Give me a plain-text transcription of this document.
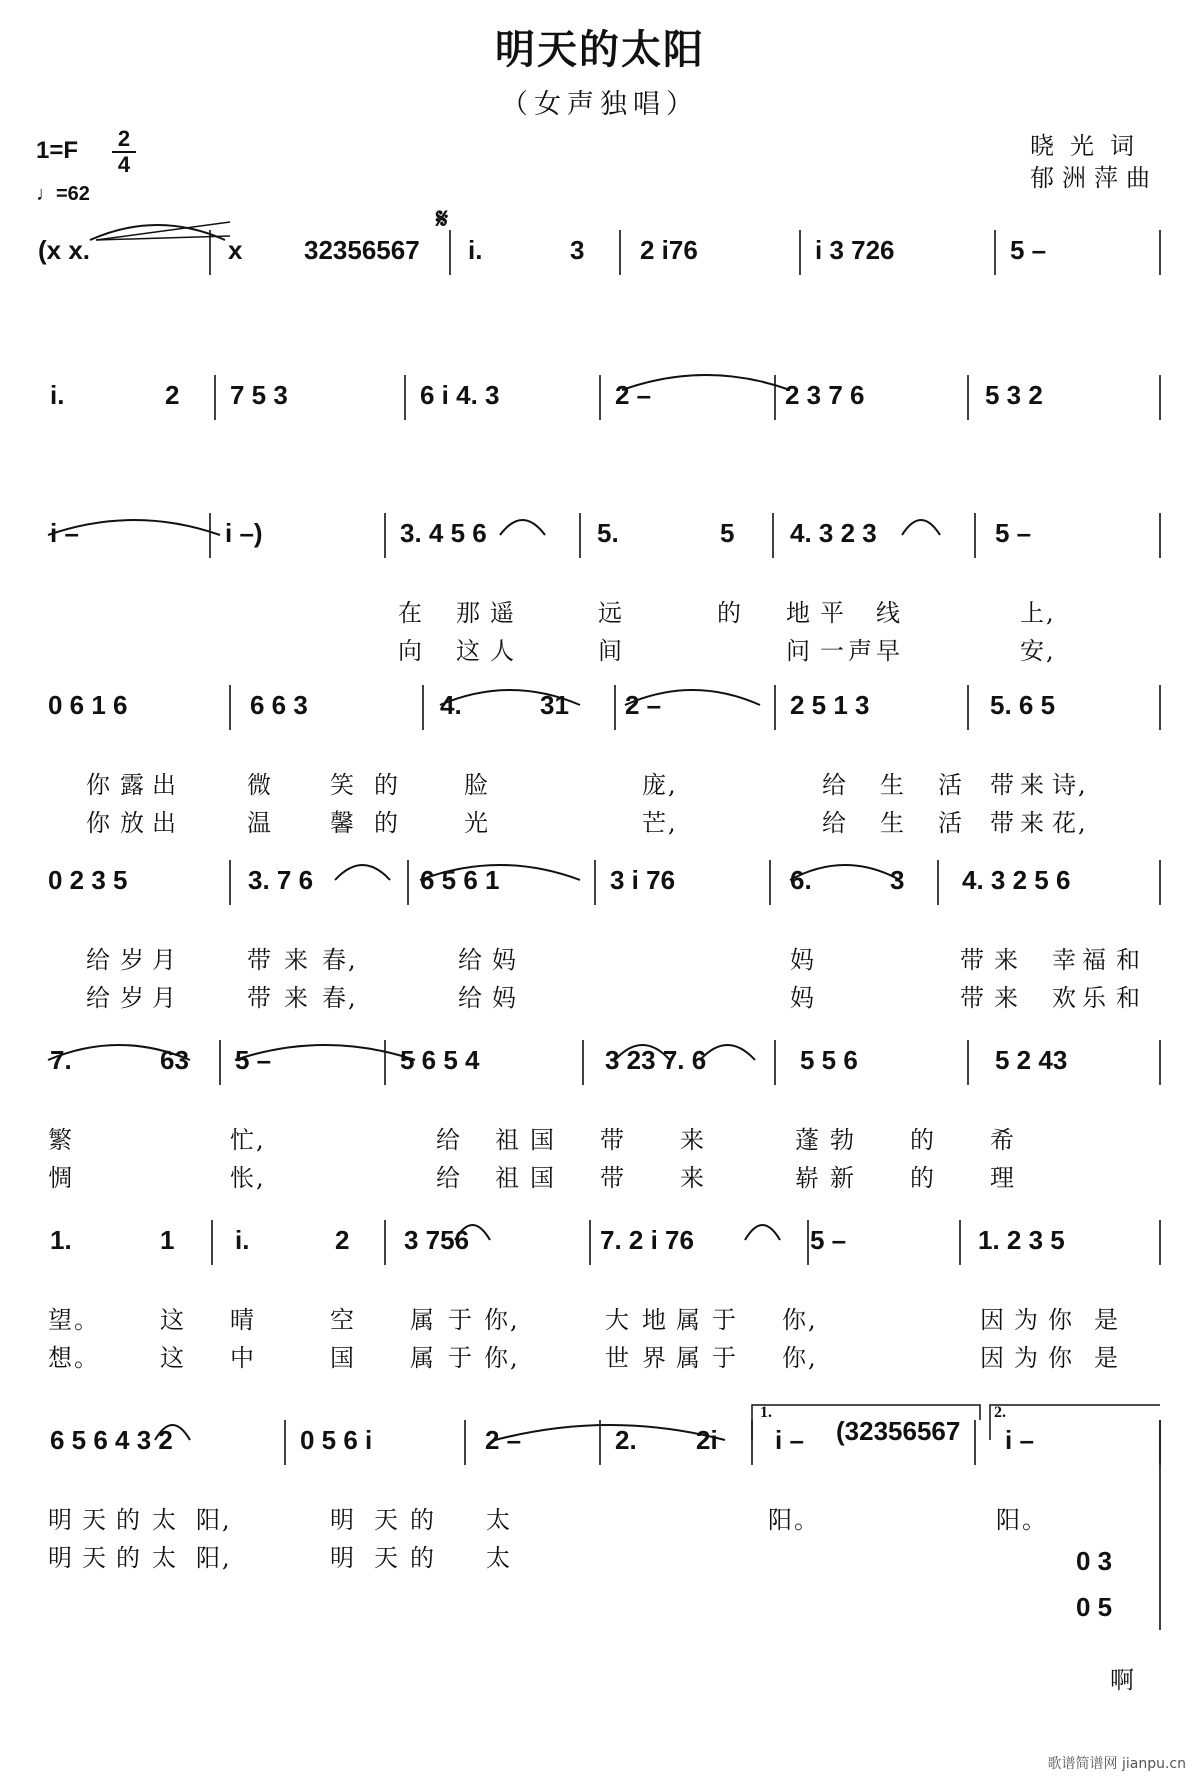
明天的太阳
（女声独唱）
1=F 2
4
♩=62
晓光词
郁洲萍曲
𝄋
1.	2.
(32356567
0 3
0 5
啊
歌谱简谱网 jianpu.cn
(x x.	x 32356567 i.	3 2 i76	i 3 726	5 –
i.	2 7 5 3	6 i 4. 3	2 –	2 3 7 6	5 3 2
i –	i –)	3. 4 5 6	5.	5 4. 3 2 3	5 –
在 那 遥	远	的 地 平 线	上,
向 这 人	间	问 一 声 早	安,
0 6 1 6	6 6 3	4.	31 2 –	2 5 1 3	5. 6 5
你 露 出	微 笑 的	脸	庞,	给 生 活 带 来 诗,
你 放 出	温 馨 的	光	芒,	给 生 活 带 来 花,
0 2 3 5	3. 7 6	6 5 6 1	3 i 76	6.	3 4. 3 2 5 6
给 岁 月	带 来 春,	给 妈	妈	带 来 幸 福 和
给 岁 月	带 来 春,	给 妈	妈	带 来 欢 乐 和
7.	63 5 –	5 6 5 4	3 23 7. 6	5 5 6	5 2 43
繁	忙,	给 祖 国 带 来	蓬 勃 的 希
惆	怅,	给 祖 国 带 来	崭 新 的 理
1.	1 i.	2 3 756	7. 2 i 76	5 –	1. 2 3 5
望。	这 晴	空 属 于 你,	大 地 属 于 你,	因 为 你 是
想。	这 中	国 属 于 你,	世 界 属 于 你,	因 为 你 是
6 5 6 4 3 2	0 5 6 i	2 –	2. 2i i –	i –
明 天 的 太 阳,	明 天 的 太	阳。	阳。
明 天 的 太 阳,	明 天 的 太
